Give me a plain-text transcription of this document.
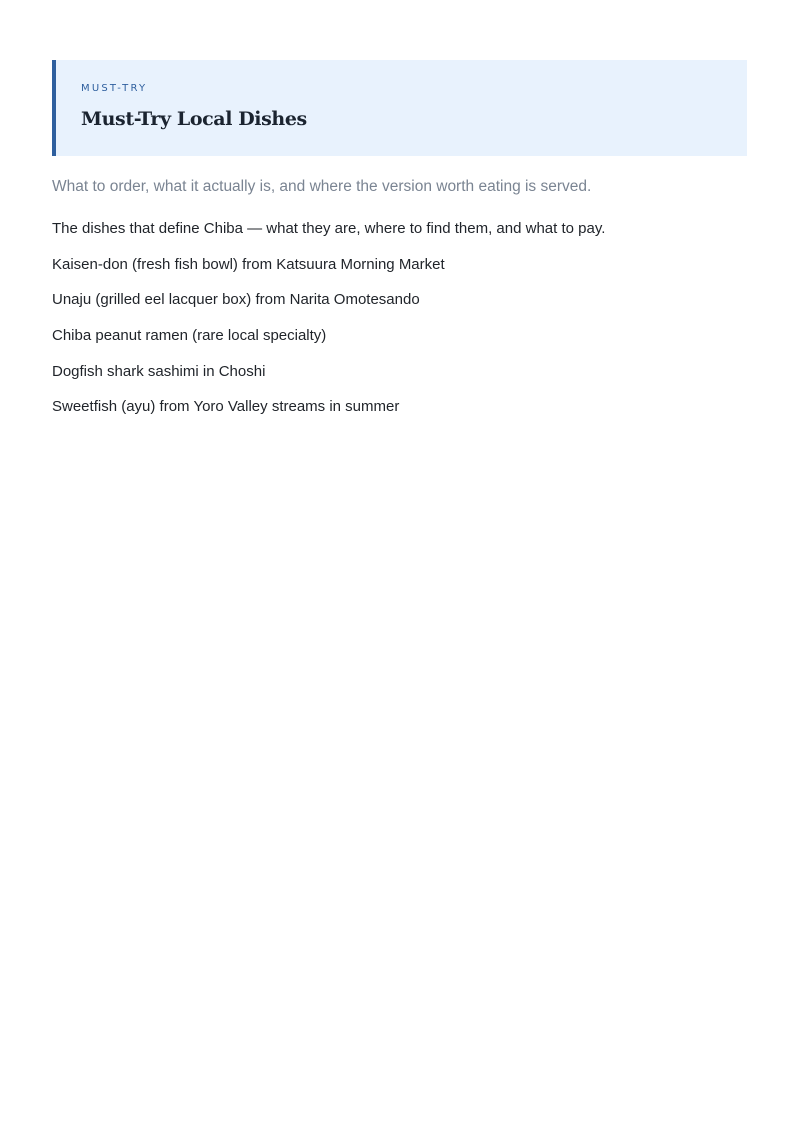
MUST-TRY
Must-Try Local Dishes

What to order, what it actually is, and where the version worth eating is served.

The dishes that define Chiba — what they are, where to find them, and what to pay.
Kaisen-don (fresh fish bowl) from Katsuura Morning Market
Unaju (grilled eel lacquer box) from Narita Omotesando
Chiba peanut ramen (rare local specialty)
Dogfish shark sashimi in Choshi
Sweetfish (ayu) from Yoro Valley streams in summer
